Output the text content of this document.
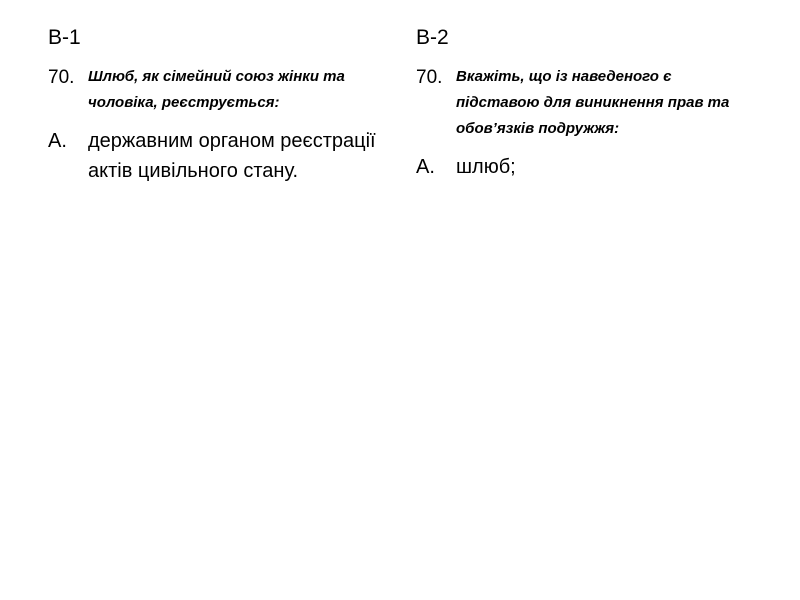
В-1
70. Шлюб, як сімейний союз жінки та чоловіка, реєструється:
А. державним органом реєстрації актів цивільного стану.
В-2
70. Вкажіть, що із наведеного є підставою для виникнення прав та обов’язків подружжя:
А. шлюб;
